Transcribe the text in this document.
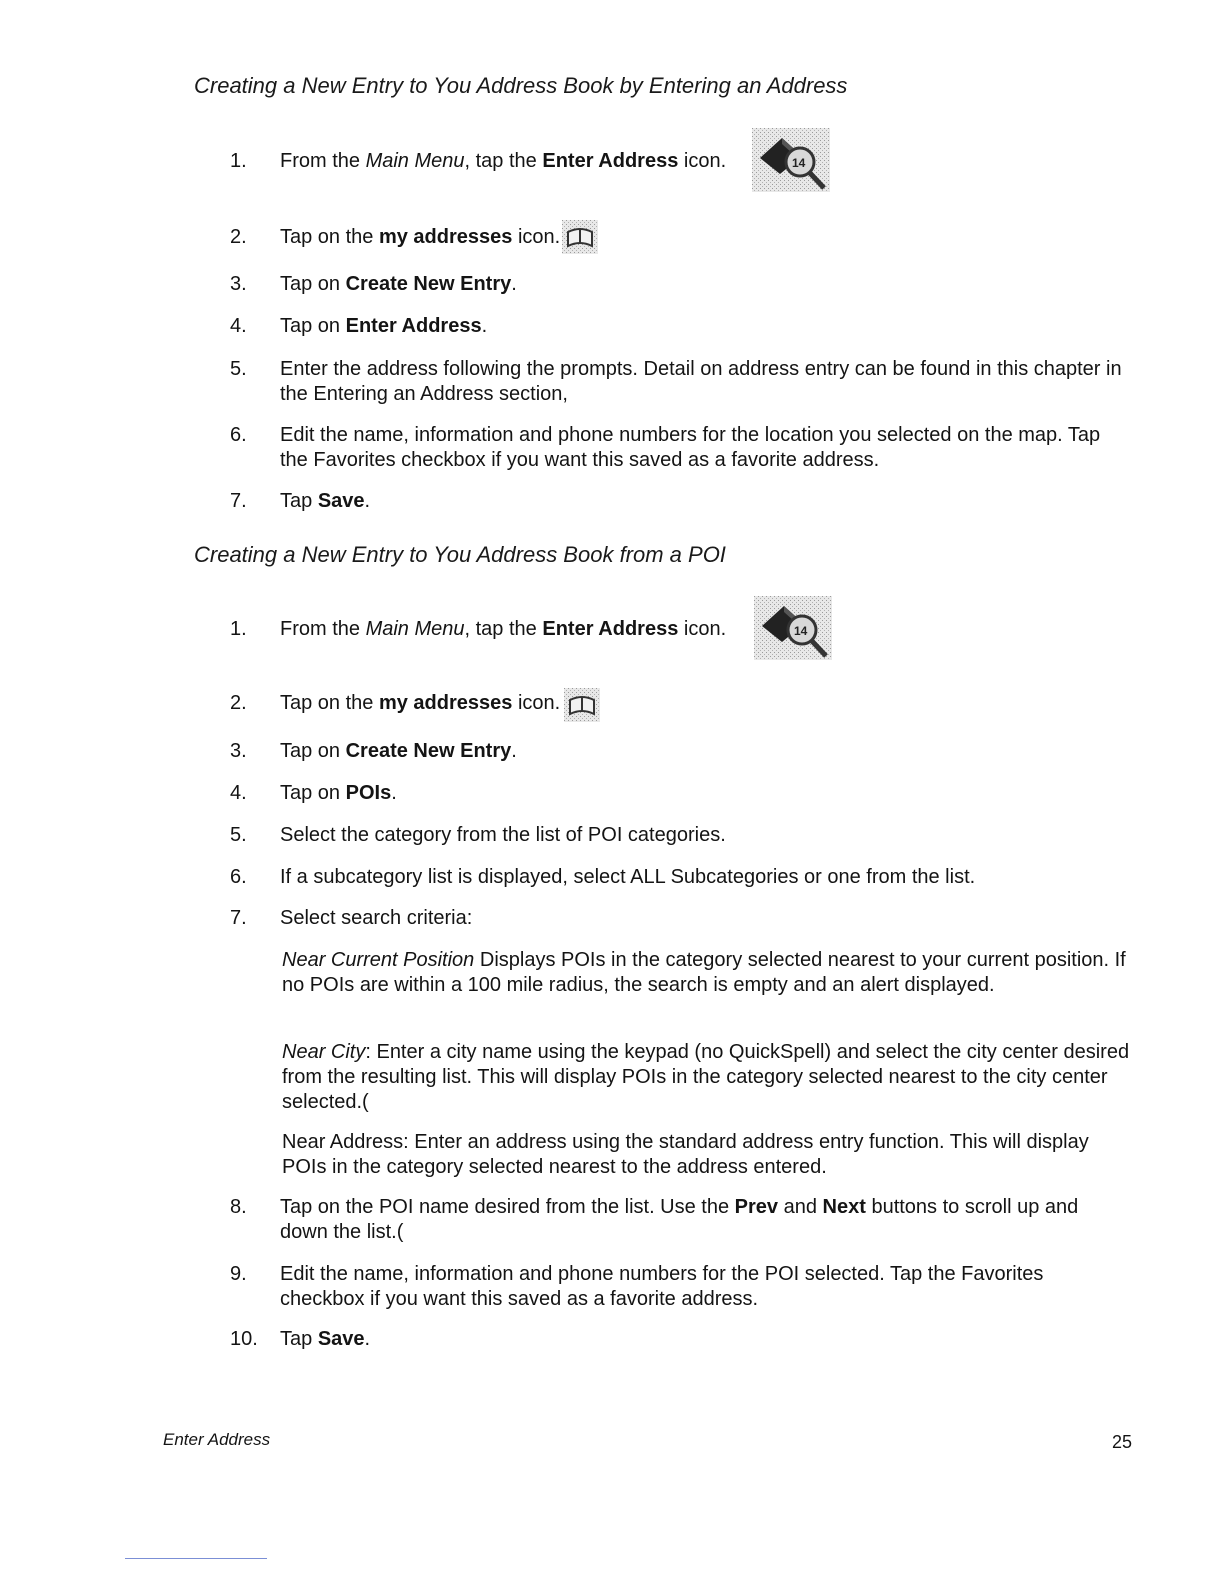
Creating a New Entry to You Address Book by Entering an Address
1. From the Main Menu, tap the Enter Address icon.	14
2. Tap on the my addresses icon.
3. Tap on Create New Entry.
4. Tap on Enter Address.
5. Enter the address following the prompts. Detail on address entry can be found in this chapter in the Entering an Address section,
6. Edit the name, information and phone numbers for the location you selected on the map. Tap the Favorites checkbox if you want this saved as a favorite address.
7. Tap Save.
Creating a New Entry to You Address Book from a POI
1. From the Main Menu, tap the Enter Address icon.	14
2. Tap on the my addresses icon.
3. Tap on Create New Entry.
4. Tap on POIs.
5. Select the category from the list of POI categories.
6. If a subcategory list is displayed, select ALL Subcategories or one from the list.
7. Select search criteria:
Near Current Position Displays POIs in the category selected nearest to your current position. If no POIs are within a 100 mile radius, the search is empty and an alert displayed.
Near City: Enter a city name using the keypad (no QuickSpell) and select the city center desired from the resulting list. This will display POIs in the category selected nearest to the city center selected.(
Near Address: Enter an address using the standard address entry function. This will display POIs in the category selected nearest to the address entered.
8. Tap on the POI name desired from the list. Use the Prev and Next buttons to scroll up and down the list.(
9. Edit the name, information and phone numbers for the POI selected. Tap the Favorites checkbox if you want this saved as a favorite address.
10. Tap Save.
Enter Address	25
